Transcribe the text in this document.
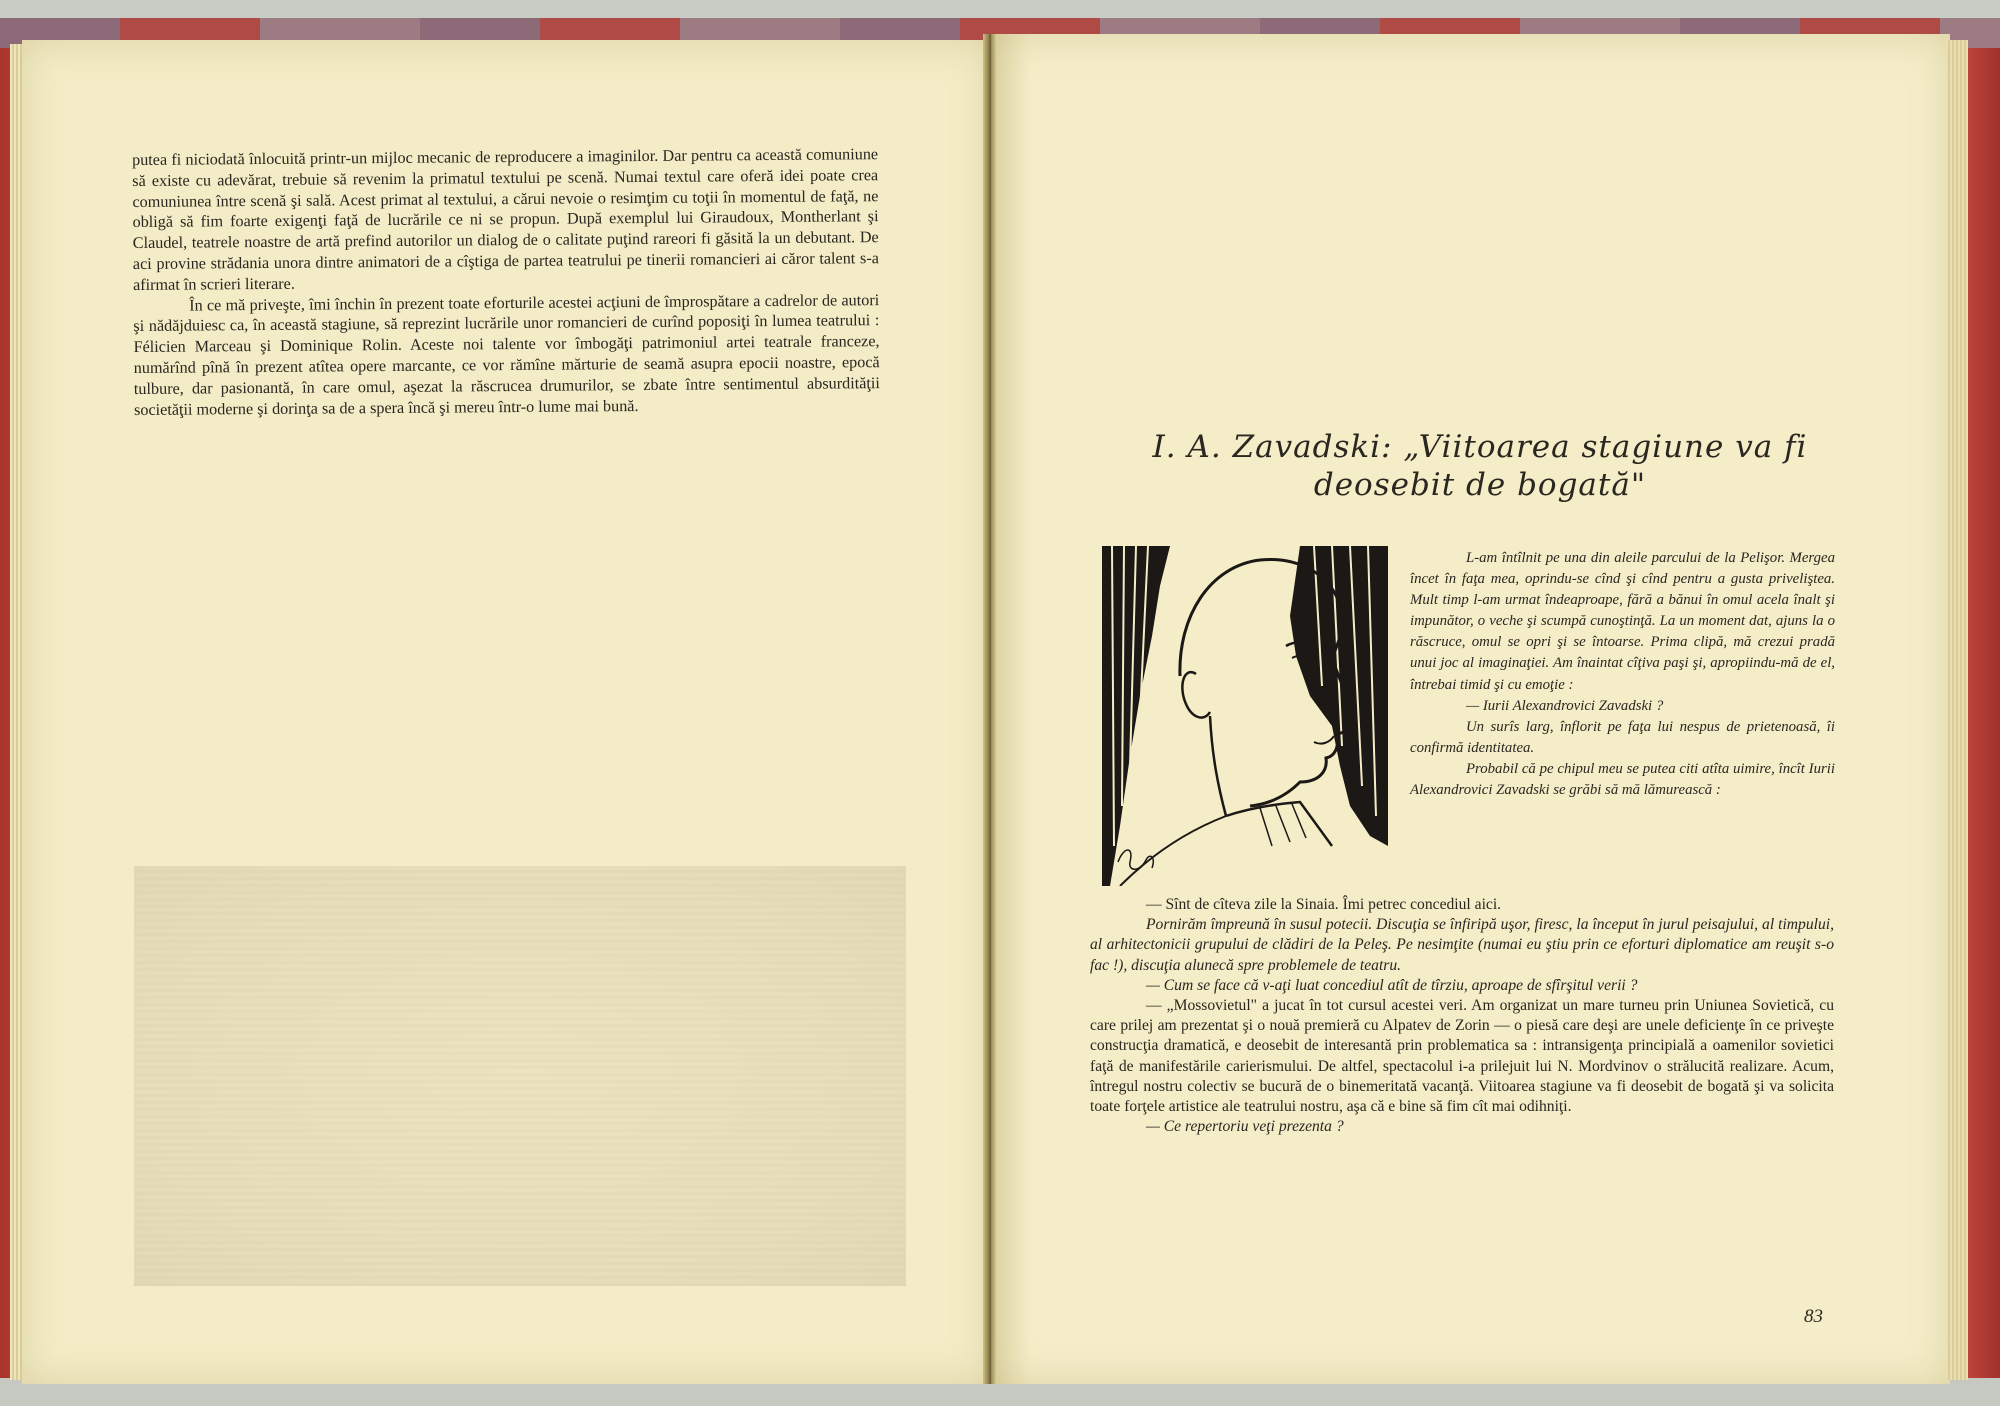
putea fi niciodată înlocuită printr-un mijloc mecanic de reproducere a imaginilor. Dar pentru ca această comuniune să existe cu adevărat, trebuie să revenim la primatul textului pe scenă. Numai textul care oferă idei poate crea comuniunea între scenă şi sală. Acest primat al textului, a cărui nevoie o resimţim cu toţii în momentul de faţă, ne obligă să fim foarte exigenţi faţă de lucrările ce ni se propun. După exemplul lui Giraudoux, Montherlant şi Claudel, teatrele noastre de artă prefind autorilor un dialog de o calitate puţind rareori fi găsită la un debutant. De aci provine strădania unora dintre animatori de a cîştiga de partea teatrului pe tinerii romancieri ai căror talent s-a afirmat în scrieri literare.

În ce mă priveşte, îmi închin în prezent toate eforturile acestei acţiuni de împrospătare a cadrelor de autori şi nădăjduiesc ca, în această stagiune, să reprezint lucrările unor romancieri de curînd poposiţi în lumea teatrului : Félicien Marceau şi Dominique Rolin. Aceste noi talente vor îmbogăţi patrimoniul artei teatrale franceze, numărînd pînă în prezent atîtea opere marcante, ce vor rămîne mărturie de seamă asupra epocii noastre, epocă tulbure, dar pasionantă, în care omul, aşezat la răscrucea drumurilor, se zbate între sentimentul absurdităţii societăţii moderne şi dorinţa sa de a spera încă şi mereu într-o lume mai bună.

I. A. Zavadski: „Viitoarea stagiune va fi deosebit de bogată"

L-am întîlnit pe una din aleile parcului de la Pelişor. Mergea încet în faţa mea, oprindu-se cînd şi cînd pentru a gusta priveliştea. Mult timp l-am urmat îndeaproape, fără a bănui în omul acela înalt şi impunător, o veche şi scumpă cunoştinţă. La un moment dat, ajuns la o răscruce, omul se opri şi se întoarse. Prima clipă, mă crezui pradă unui joc al imaginaţiei. Am înaintat cîţiva paşi şi, apropiindu-mă de el, întrebai timid şi cu emoţie :

— Iurii Alexandrovici Zavadski ?

Un surîs larg, înflorit pe faţa lui nespus de prietenoasă, îi confirmă identitatea.

Probabil că pe chipul meu se putea citi atîta uimire, încît Iurii Alexandrovici Zavadski se grăbi să mă lămurească :

— Sînt de cîteva zile la Sinaia. Îmi petrec concediul aici.

Pornirăm împreună în susul potecii. Discuţia se înfiripă uşor, firesc, la început în jurul peisajului, al timpului, al arhitectonicii grupului de clădiri de la Peleş. Pe nesimţite (numai eu ştiu prin ce eforturi diplomatice am reuşit s-o fac !), discuţia alunecă spre problemele de teatru.

— Cum se face că v-aţi luat concediul atît de tîrziu, aproape de sfîrşitul verii ?

— „Mossovietul" a jucat în tot cursul acestei veri. Am organizat un mare turneu prin Uniunea Sovietică, cu care prilej am prezentat şi o nouă premieră cu Alpatev de Zorin — o piesă care deşi are unele deficienţe în ce priveşte construcţia dramatică, e deosebit de interesantă prin problematica sa : intransigenţa principială a oamenilor sovietici faţă de manifestările carierismului. De altfel, spectacolul i-a prilejuit lui N. Mordvinov o strălucită realizare. Acum, întregul nostru colectiv se bucură de o binemeritată vacanţă. Viitoarea stagiune va fi deosebit de bogată şi va solicita toate forţele artistice ale teatrului nostru, aşa că e bine să fim cît mai odihniţi.

— Ce repertoriu veţi prezenta ?

83
